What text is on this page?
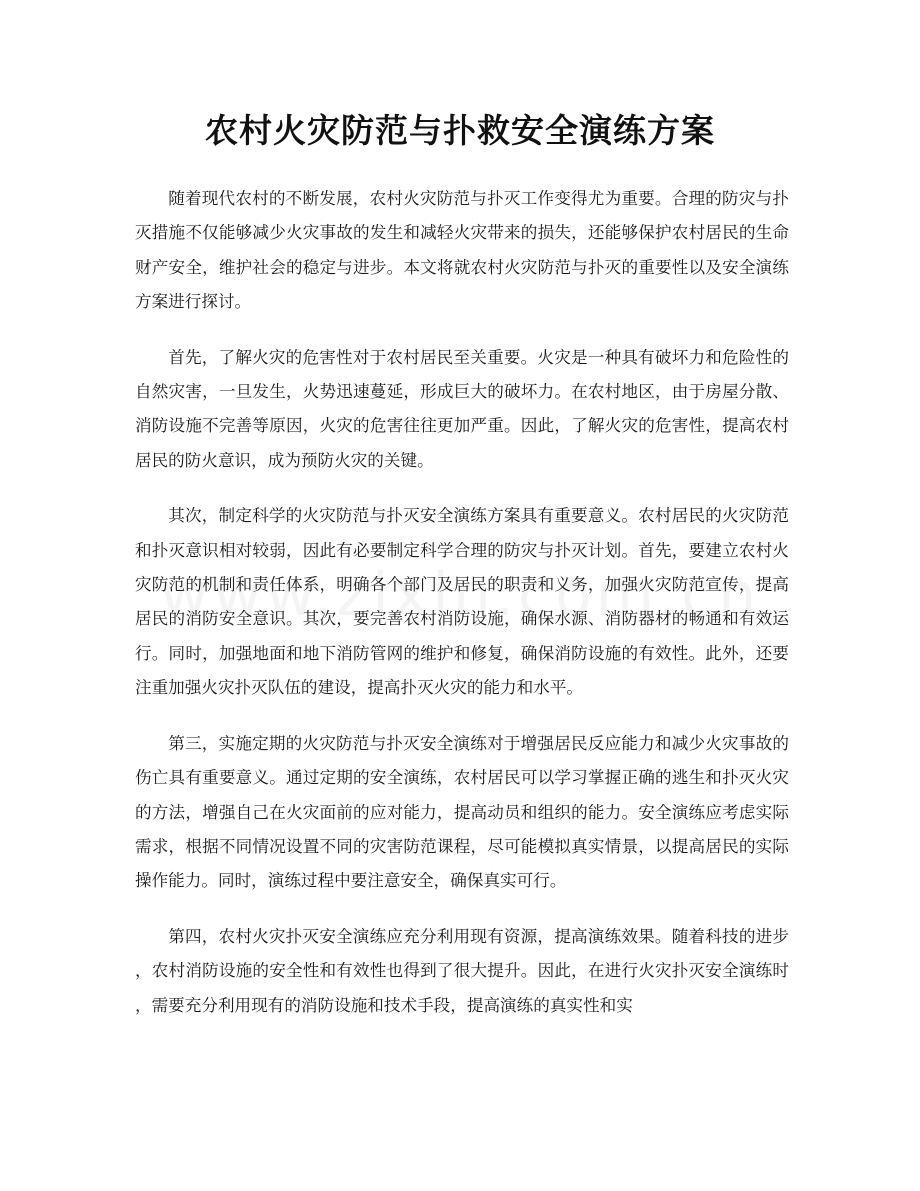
农村火灾防范与扑救安全演练方案

随着现代农村的不断发展，农村火灾防范与扑灭工作变得尤为重要。合理的防灾与扑灭措施不仅能够减少火灾事故的发生和减轻火灾带来的损失，还能够保护农村居民的生命财产安全，维护社会的稳定与进步。本文将就农村火灾防范与扑灭的重要性以及安全演练方案进行探讨。

首先，了解火灾的危害性对于农村居民至关重要。火灾是一种具有破坏力和危险性的自然灾害，一旦发生，火势迅速蔓延，形成巨大的破坏力。在农村地区，由于房屋分散、消防设施不完善等原因，火灾的危害往往更加严重。因此，了解火灾的危害性，提高农村居民的防火意识，成为预防火灾的关键。

其次，制定科学的火灾防范与扑灭安全演练方案具有重要意义。农村居民的火灾防范和扑灭意识相对较弱，因此有必要制定科学合理的防灾与扑灭计划。首先，要建立农村火灾防范的机制和责任体系，明确各个部门及居民的职责和义务，加强火灾防范宣传，提高居民的消防安全意识。其次，要完善农村消防设施，确保水源、消防器材的畅通和有效运行。同时，加强地面和地下消防管网的维护和修复，确保消防设施的有效性。此外，还要注重加强火灾扑灭队伍的建设，提高扑灭火灾的能力和水平。

第三，实施定期的火灾防范与扑灭安全演练对于增强居民反应能力和减少火灾事故的伤亡具有重要意义。通过定期的安全演练，农村居民可以学习掌握正确的逃生和扑灭火灾的方法，增强自己在火灾面前的应对能力，提高动员和组织的能力。安全演练应考虑实际需求，根据不同情况设置不同的灾害防范课程，尽可能模拟真实情景，以提高居民的实际操作能力。同时，演练过程中要注意安全，确保真实可行。

第四，农村火灾扑灭安全演练应充分利用现有资源，提高演练效果。随着科技的进步，农村消防设施的安全性和有效性也得到了很大提升。因此，在进行火灾扑灭安全演练时，需要充分利用现有的消防设施和技术手段，提高演练的真实性和实
